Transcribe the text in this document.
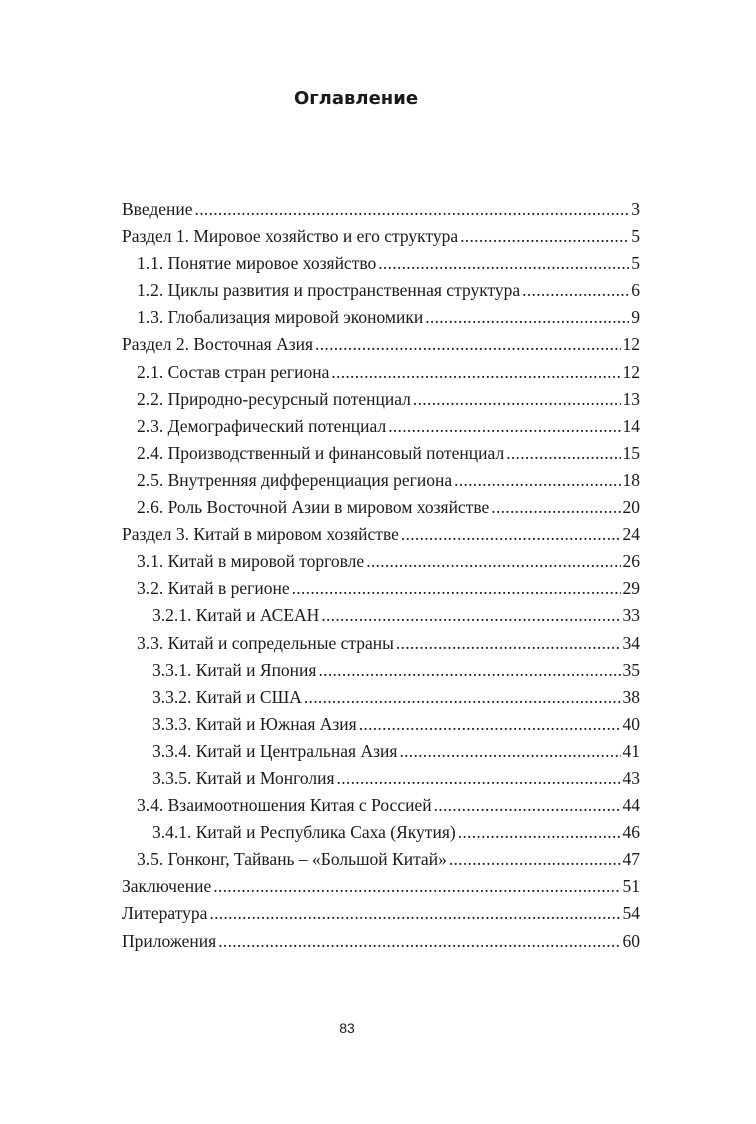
Оглавление
Введение .....	3
Раздел 1. Мировое хозяйство и его структура .....	5
1.1. Понятие мировое хозяйство .....	5
1.2. Циклы развития и пространственная структура .....	6
1.3. Глобализация мировой экономики .....	9
Раздел 2. Восточная Азия .....	12
2.1. Состав стран региона .....	12
2.2. Природно-ресурсный потенциал .....	13
2.3. Демографический потенциал .....	14
2.4. Производственный и финансовый потенциал .....	15
2.5. Внутренняя дифференциация региона .....	18
2.6. Роль Восточной Азии в мировом хозяйстве .....	20
Раздел 3. Китай в мировом хозяйстве .....	24
3.1. Китай в мировой торговле .....	26
3.2. Китай в регионе .....	29
3.2.1. Китай и АСЕАН .....	33
3.3. Китай и сопредельные страны .....	34
3.3.1. Китай и Япония .....	35
3.3.2. Китай и США .....	38
3.3.3. Китай и Южная Азия .....	40
3.3.4. Китай и Центральная Азия .....	41
3.3.5. Китай и Монголия .....	43
3.4. Взаимоотношения Китая с Россией .....	44
3.4.1. Китай и Республика Саха (Якутия) .....	46
3.5. Гонконг, Тайвань – «Большой Китай» .....	47
Заключение .....	51
Литература .....	54
Приложения .....	60
83
